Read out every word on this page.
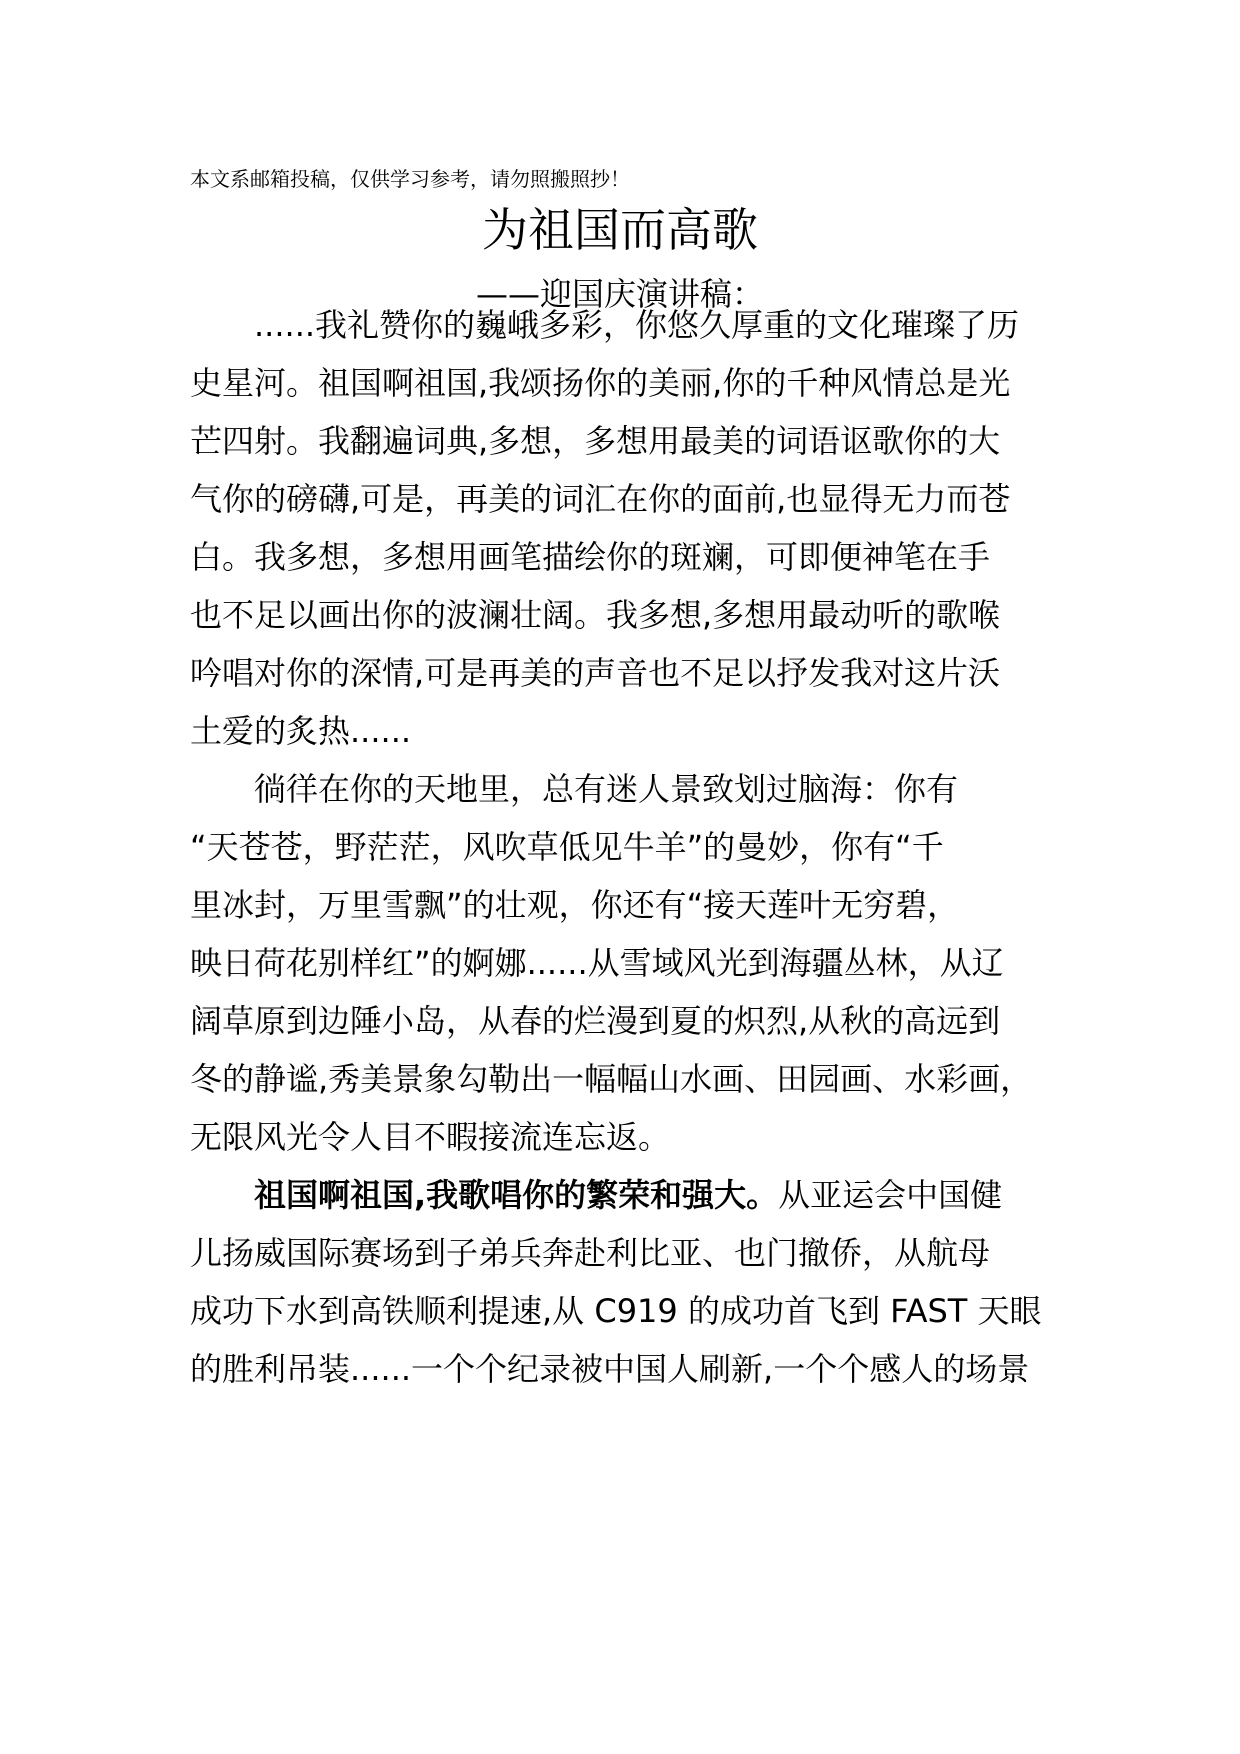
本文系邮箱投稿，仅供学习参考，请勿照搬照抄！
为祖国而高歌
——迎国庆演讲稿：
......我礼赞你的巍峨多彩，你悠久厚重的文化璀璨了历
史星河。祖国啊祖国,我颂扬你的美丽,你的千种风情总是光
芒四射。我翻遍词典,多想，多想用最美的词语讴歌你的大
气你的磅礴,可是，再美的词汇在你的面前,也显得无力而苍
白。我多想，多想用画笔描绘你的斑斓，可即便神笔在手
也不足以画出你的波澜壮阔。我多想,多想用最动听的歌喉
吟唱对你的深情,可是再美的声音也不足以抒发我对这片沃
土爱的炙热......
徜徉在你的天地里，总有迷人景致划过脑海：你有
“天苍苍，野茫茫，风吹草低见牛羊”的曼妙，你有“千
里冰封，万里雪飘”的壮观，你还有“接天莲叶无穷碧，
映日荷花别样红”的婀娜......从雪域风光到海疆丛林，从辽
阔草原到边陲小岛，从春的烂漫到夏的炽烈,从秋的高远到
冬的静谧,秀美景象勾勒出一幅幅山水画、田园画、水彩画，
无限风光令人目不暇接流连忘返。
祖国啊祖国,我歌唱你的繁荣和强大。从亚运会中国健
儿扬威国际赛场到子弟兵奔赴利比亚、也门撤侨，从航母
成功下水到高铁顺利提速,从 C919 的成功首飞到 FAST 天眼
的胜利吊装......一个个纪录被中国人刷新,一个个感人的场景
